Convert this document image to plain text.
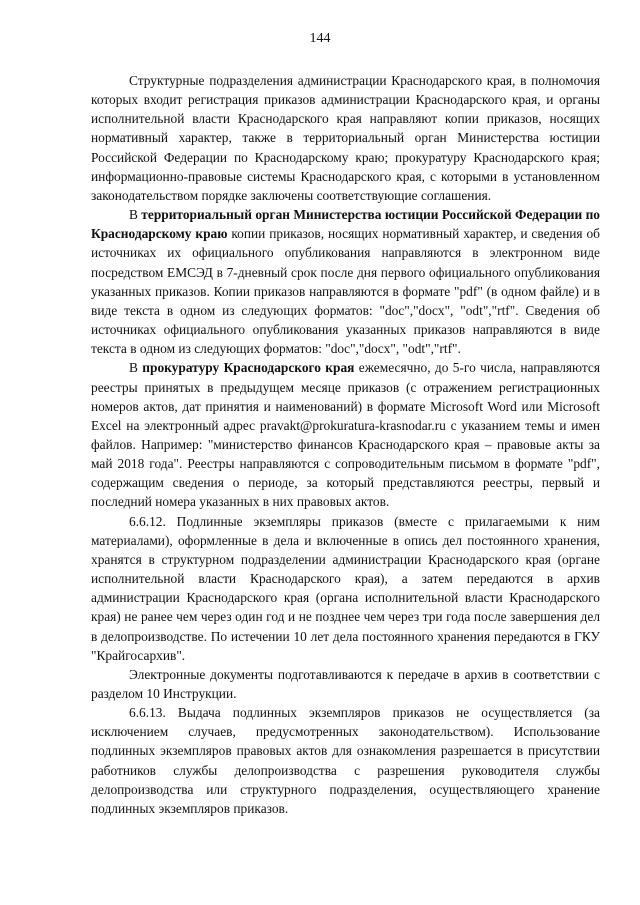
144

Структурные подразделения администрации Краснодарского края, в полномочия которых входит регистрация приказов администрации Краснодарского края, и органы исполнительной власти Краснодарского края направляют копии приказов, носящих нормативный характер, также в территориальный орган Министерства юстиции Российской Федерации по Краснодарскому краю; прокуратуру Краснодарского края; информационно-правовые системы Краснодарского края, с которыми в установленном законодательством порядке заключены соответствующие соглашения.

В территориальный орган Министерства юстиции Российской Федерации по Краснодарскому краю копии приказов, носящих нормативный характер, и сведения об источниках их официального опубликования направляются в электронном виде посредством ЕМСЭД в 7-дневный срок после дня первого официального опубликования указанных приказов. Копии приказов направляются в формате "pdf" (в одном файле) и в виде текста в одном из следующих форматов: "doc","docx", "odt","rtf". Сведения об источниках официального опубликования указанных приказов направляются в виде текста в одном из следующих форматов: "doc","docx", "odt","rtf".

В прокуратуру Краснодарского края ежемесячно, до 5-го числа, направляются реестры принятых в предыдущем месяце приказов (с отражением регистрационных номеров актов, дат принятия и наименований) в формате Microsoft Word или Microsoft Excel на электронный адрес pravakt@prokuratura-krasnodar.ru с указанием темы и имен файлов. Например: "министерство финансов Краснодарского края – правовые акты за май 2018 года". Реестры направляются с сопроводительным письмом в формате "pdf", содержащим сведения о периоде, за который представляются реестры, первый и последний номера указанных в них правовых актов.

6.6.12. Подлинные экземпляры приказов (вместе с прилагаемыми к ним материалами), оформленные в дела и включенные в опись дел постоянного хранения, хранятся в структурном подразделении администрации Краснодарского края (органе исполнительной власти Краснодарского края), а затем передаются в архив администрации Краснодарского края (органа исполнительной власти Краснодарского края) не ранее чем через один год и не позднее чем через три года после завершения дел в делопроизводстве. По истечении 10 лет дела постоянного хранения передаются в ГКУ "Крайгосархив".

Электронные документы подготавливаются к передаче в архив в соответствии с разделом 10 Инструкции.

6.6.13. Выдача подлинных экземпляров приказов не осуществляется (за исключением случаев, предусмотренных законодательством). Использование подлинных экземпляров правовых актов для ознакомления разрешается в присутствии работников службы делопроизводства с разрешения руководителя службы делопроизводства или структурного подразделения, осуществляющего хранение подлинных экземпляров приказов.
